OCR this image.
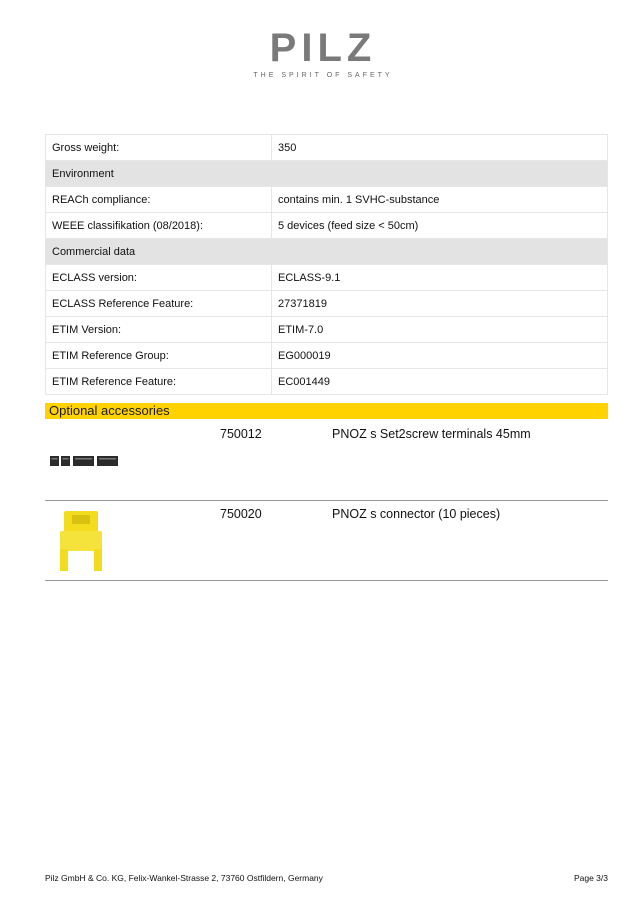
PILZ
THE SPIRIT OF SAFETY
Gross weight:	350
Environment	
REACh compliance:	contains min. 1 SVHC-substance
WEEE classifikation (08/2018):	5 devices (feed size < 50cm)
Commercial data	
ECLASS version:	ECLASS-9.1
ECLASS Reference Feature:	27371819
ETIM Version:	ETIM-7.0
ETIM Reference Group:	EG000019
ETIM Reference Feature:	EC001449
Optional accessories
750012	PNOZ s Set2screw terminals 45mm
750020	PNOZ s connector (10 pieces)
Pilz GmbH & Co. KG, Felix-Wankel-Strasse 2, 73760 Ostfildern, Germany	Page 3/3
